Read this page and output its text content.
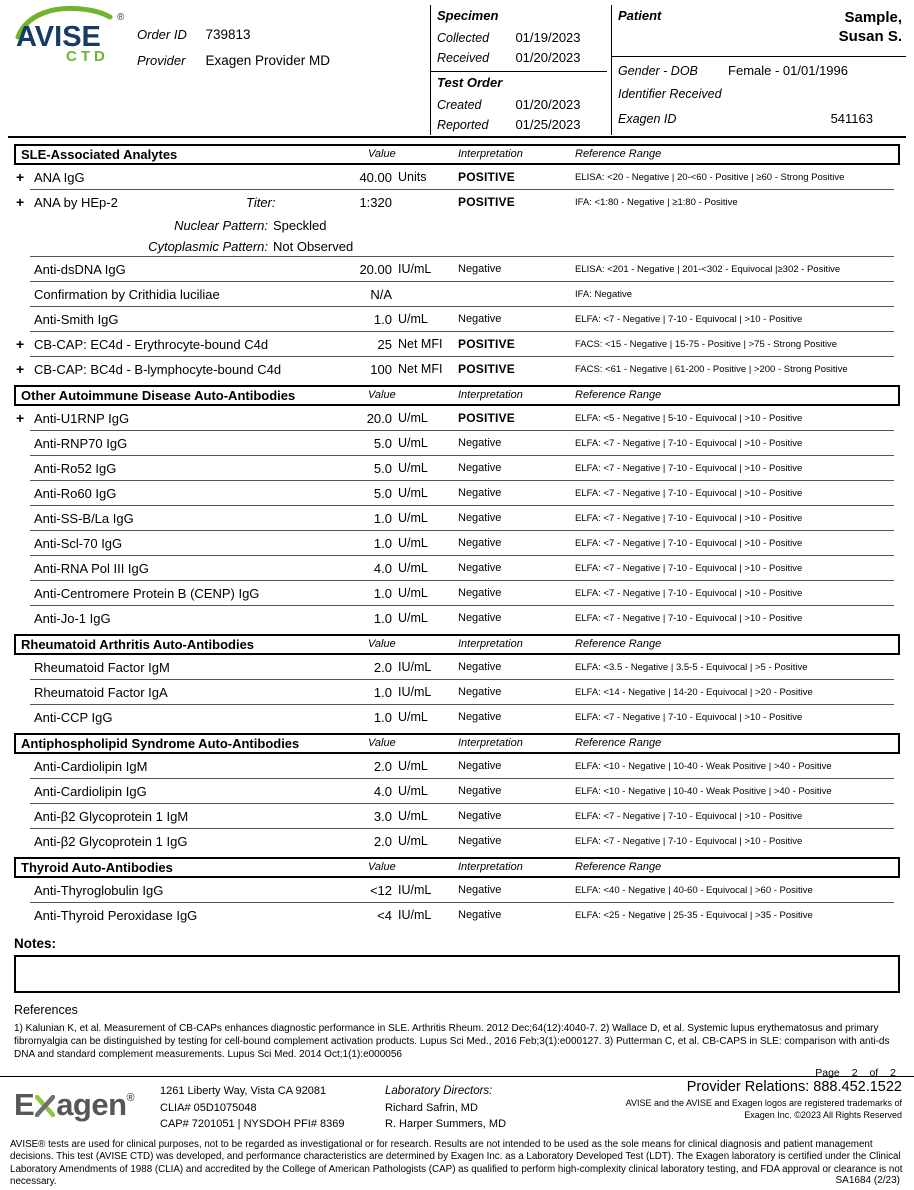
AVISE
®
CTD
Order ID 739813
Provider Exagen Provider MD
Specimen
Collected 01/19/2023
Received 01/20/2023
Test Order
Created	01/20/2023
Reported 01/25/2023
Patient	Sample,
Susan S.
Gender - DOB Female - 01/01/1996
Identifier Received
Exagen ID	541163
SLE-Associated Analytes	Value	Interpretation	Reference Range
+ ANA IgG	40.00 Units	POSITIVE	ELISA: <20 - Negative | 20-<60 - Positive | ≥60 - Strong Positive
+ ANA by HEp-2	Titer:	1:320	POSITIVE	IFA: <1:80 - Negative | ≥1:80 - Positive
Nuclear Pattern: Speckled
Cytoplasmic Pattern: Not Observed
Anti-dsDNA IgG	20.00 IU/mL Negative	ELISA: <201 - Negative | 201-<302 - Equivocal |≥302 - Positive
Confirmation by Crithidia luciliae	N/A	IFA: Negative
Anti-Smith IgG	1.0 U/mL	Negative	ELFA: <7 - Negative | 7-10 - Equivocal | >10 - Positive
+ CB-CAP: EC4d - Erythrocyte-bound C4d	25 Net MFI POSITIVE	FACS: <15 - Negative | 15-75 - Positive | >75 - Strong Positive
+ CB-CAP: BC4d - B-lymphocyte-bound C4d	100 Net MFI POSITIVE	FACS: <61 - Negative | 61-200 - Positive | >200 - Strong Positive
Other Autoimmune Disease Auto-Antibodies	Value	Interpretation	Reference Range
+ Anti-U1RNP IgG	20.0 U/mL	POSITIVE	ELFA: <5 - Negative | 5-10 - Equivocal | >10 - Positive
Anti-RNP70 IgG	5.0 U/mL	Negative	ELFA: <7 - Negative | 7-10 - Equivocal | >10 - Positive
Anti-Ro52 IgG	5.0 U/mL	Negative	ELFA: <7 - Negative | 7-10 - Equivocal | >10 - Positive
Anti-Ro60 IgG	5.0 U/mL	Negative	ELFA: <7 - Negative | 7-10 - Equivocal | >10 - Positive
Anti-SS-B/La IgG	1.0 U/mL	Negative	ELFA: <7 - Negative | 7-10 - Equivocal | >10 - Positive
Anti-Scl-70 IgG	1.0 U/mL	Negative	ELFA: <7 - Negative | 7-10 - Equivocal | >10 - Positive
Anti-RNA Pol III IgG	4.0 U/mL	Negative	ELFA: <7 - Negative | 7-10 - Equivocal | >10 - Positive
Anti-Centromere Protein B (CENP) IgG	1.0 U/mL	Negative	ELFA: <7 - Negative | 7-10 - Equivocal | >10 - Positive
Anti-Jo-1 IgG	1.0 U/mL	Negative	ELFA: <7 - Negative | 7-10 - Equivocal | >10 - Positive
Rheumatoid Arthritis Auto-Antibodies	Value	Interpretation	Reference Range
Rheumatoid Factor IgM	2.0 IU/mL Negative	ELFA: <3.5 - Negative | 3.5-5 - Equivocal | >5 - Positive
Rheumatoid Factor IgA	1.0 IU/mL Negative	ELFA: <14 - Negative | 14-20 - Equivocal | >20 - Positive
Anti-CCP IgG	1.0 U/mL	Negative	ELFA: <7 - Negative | 7-10 - Equivocal | >10 - Positive
Antiphospholipid Syndrome Auto-Antibodies	Value	Interpretation	Reference Range
Anti-Cardiolipin IgM	2.0 U/mL	Negative	ELFA: <10 - Negative | 10-40 - Weak Positive | >40 - Positive
Anti-Cardiolipin IgG	4.0 U/mL	Negative	ELFA: <10 - Negative | 10-40 - Weak Positive | >40 - Positive
Anti-β2 Glycoprotein 1 IgM	3.0 U/mL	Negative	ELFA: <7 - Negative | 7-10 - Equivocal | >10 - Positive
Anti-β2 Glycoprotein 1 IgG	2.0 U/mL	Negative	ELFA: <7 - Negative | 7-10 - Equivocal | >10 - Positive
Thyroid Auto-Antibodies	Value	Interpretation	Reference Range
Anti-Thyroglobulin IgG	<12 IU/mL Negative	ELFA: <40 - Negative | 40-60 - Equivocal | >60 - Positive
Anti-Thyroid Peroxidase IgG	<4 IU/mL Negative	ELFA: <25 - Negative | 25-35 - Equivocal | >35 - Positive
Notes:
References
1) Kalunian K, et al. Measurement of CB-CAPs enhances diagnostic performance in SLE. Arthritis Rheum. 2012 Dec;64(12):4040-7. 2) Wallace D, et al. Systemic lupus erythematosus and primary fibromyalgia can be distinguished by testing for cell-bound complement activation products. Lupus Sci Med., 2016 Feb;3(1):e000127. 3) Putterman C, et al. CB-CAPS in SLE: comparison with anti-ds DNA and standard complement measurements. Lupus Sci Med. 2014 Oct;1(1):e000056
Page 2 of 2
E agen®
1261 Liberty Way, Vista CA 92081
CLIA# 05D1075048
CAP# 7201051 | NYSDOH PFI# 8369
Laboratory Directors:
Richard Safrin, MD
R. Harper Summers, MD
Provider Relations: 888.452.1522
AVISE and the AVISE and Exagen logos are registered trademarks of
Exagen Inc. ©2023 All Rights Reserved
AVISE® tests are used for clinical purposes, not to be regarded as investigational or for research. Results are not intended to be used as the sole means for clinical diagnosis and patient management decisions. This test (AVISE CTD) was developed, and performance characteristics are determined by Exagen Inc. as a Laboratory Developed Test (LDT). The Exagen laboratory is certified under the Clinical Laboratory Amendments of 1988 (CLIA) and accredited by the College of American Pathologists (CAP) as qualified to perform high-complexity clinical laboratory testing, and FDA approval or clearance is not necessary.	SA1684 (2/23)
